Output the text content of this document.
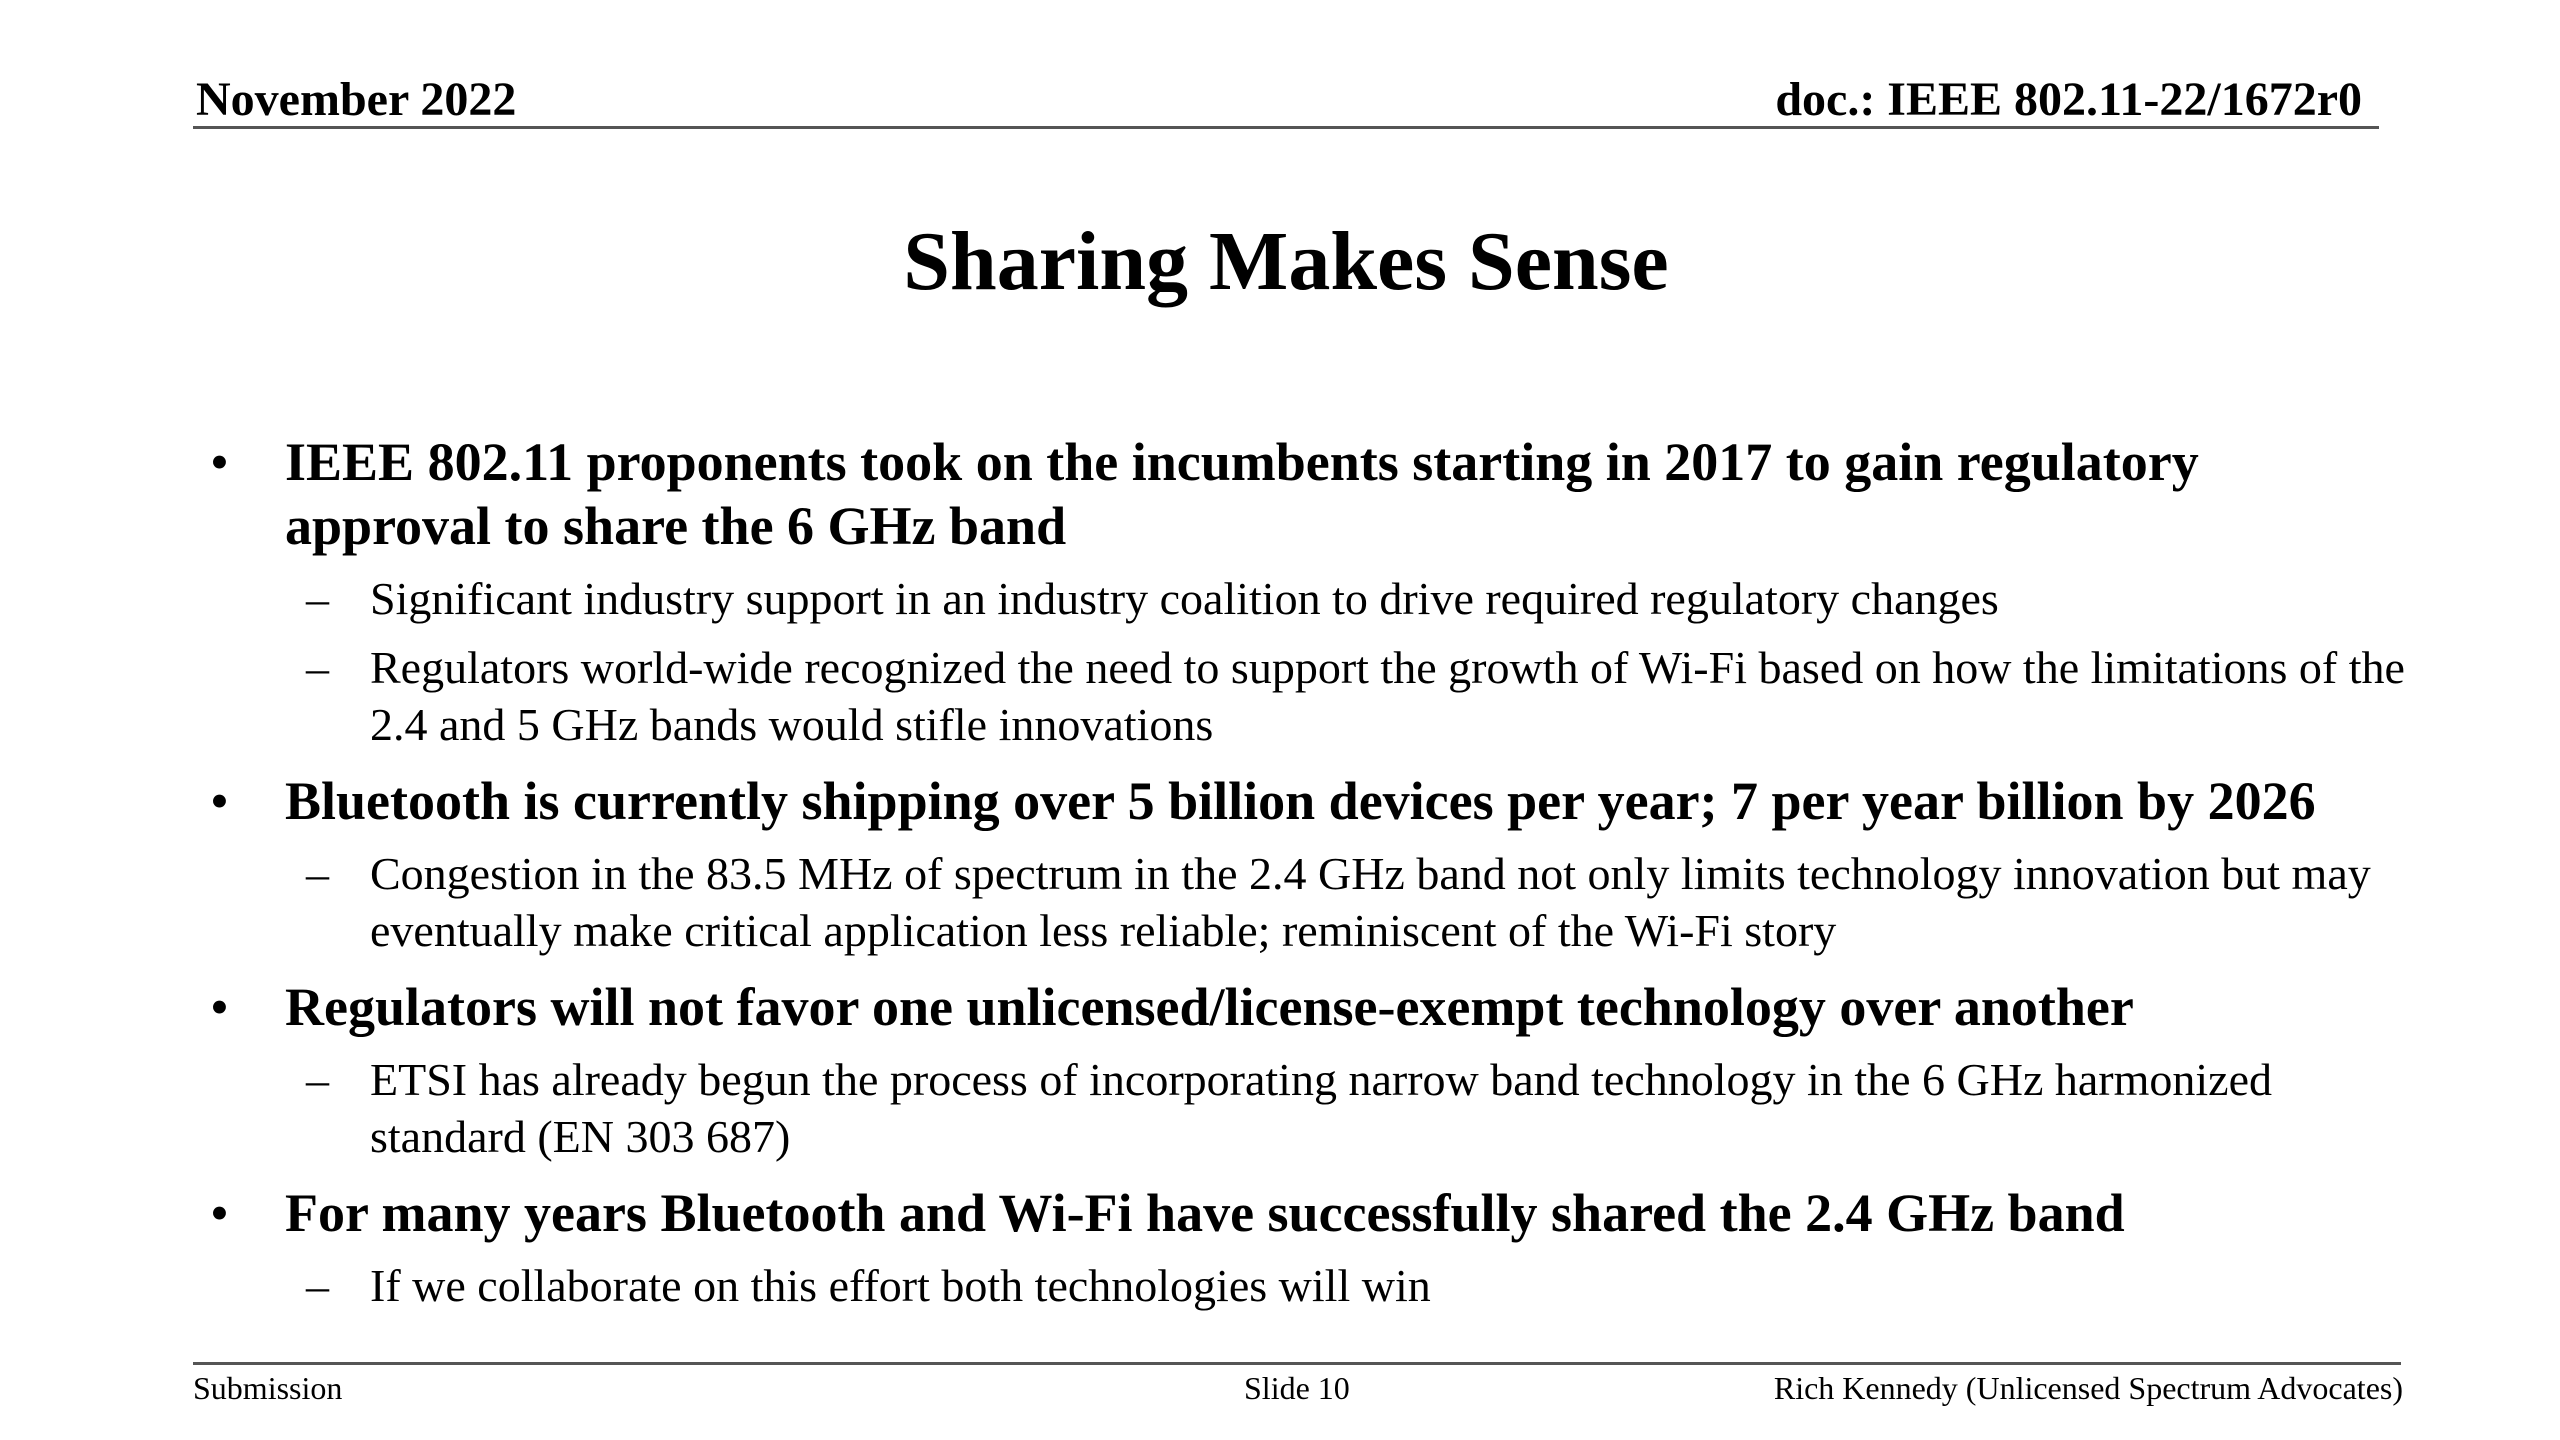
November 2022	doc.: IEEE 802.11-22/1672r0
Sharing Makes Sense
• IEEE 802.11 proponents took on the incumbents starting in 2017 to gain regulatory approval to share the 6 GHz band
– Significant industry support in an industry coalition to drive required regulatory changes
– Regulators world-wide recognized the need to support the growth of Wi-Fi based on how the limitations of the 2.4 and 5 GHz bands would stifle innovations
• Bluetooth is currently shipping over 5 billion devices per year; 7 per year billion by 2026
– Congestion in the 83.5 MHz of spectrum in the 2.4 GHz band not only limits technology innovation but may eventually make critical application less reliable; reminiscent of the Wi-Fi story
• Regulators will not favor one unlicensed/license-exempt technology over another
– ETSI has already begun the process of incorporating narrow band technology in the 6 GHz harmonized standard (EN 303 687)
• For many years Bluetooth and Wi-Fi have successfully shared the 2.4 GHz band
– If we collaborate on this effort both technologies will win
Submission	Slide 10	Rich Kennedy (Unlicensed Spectrum Advocates)
